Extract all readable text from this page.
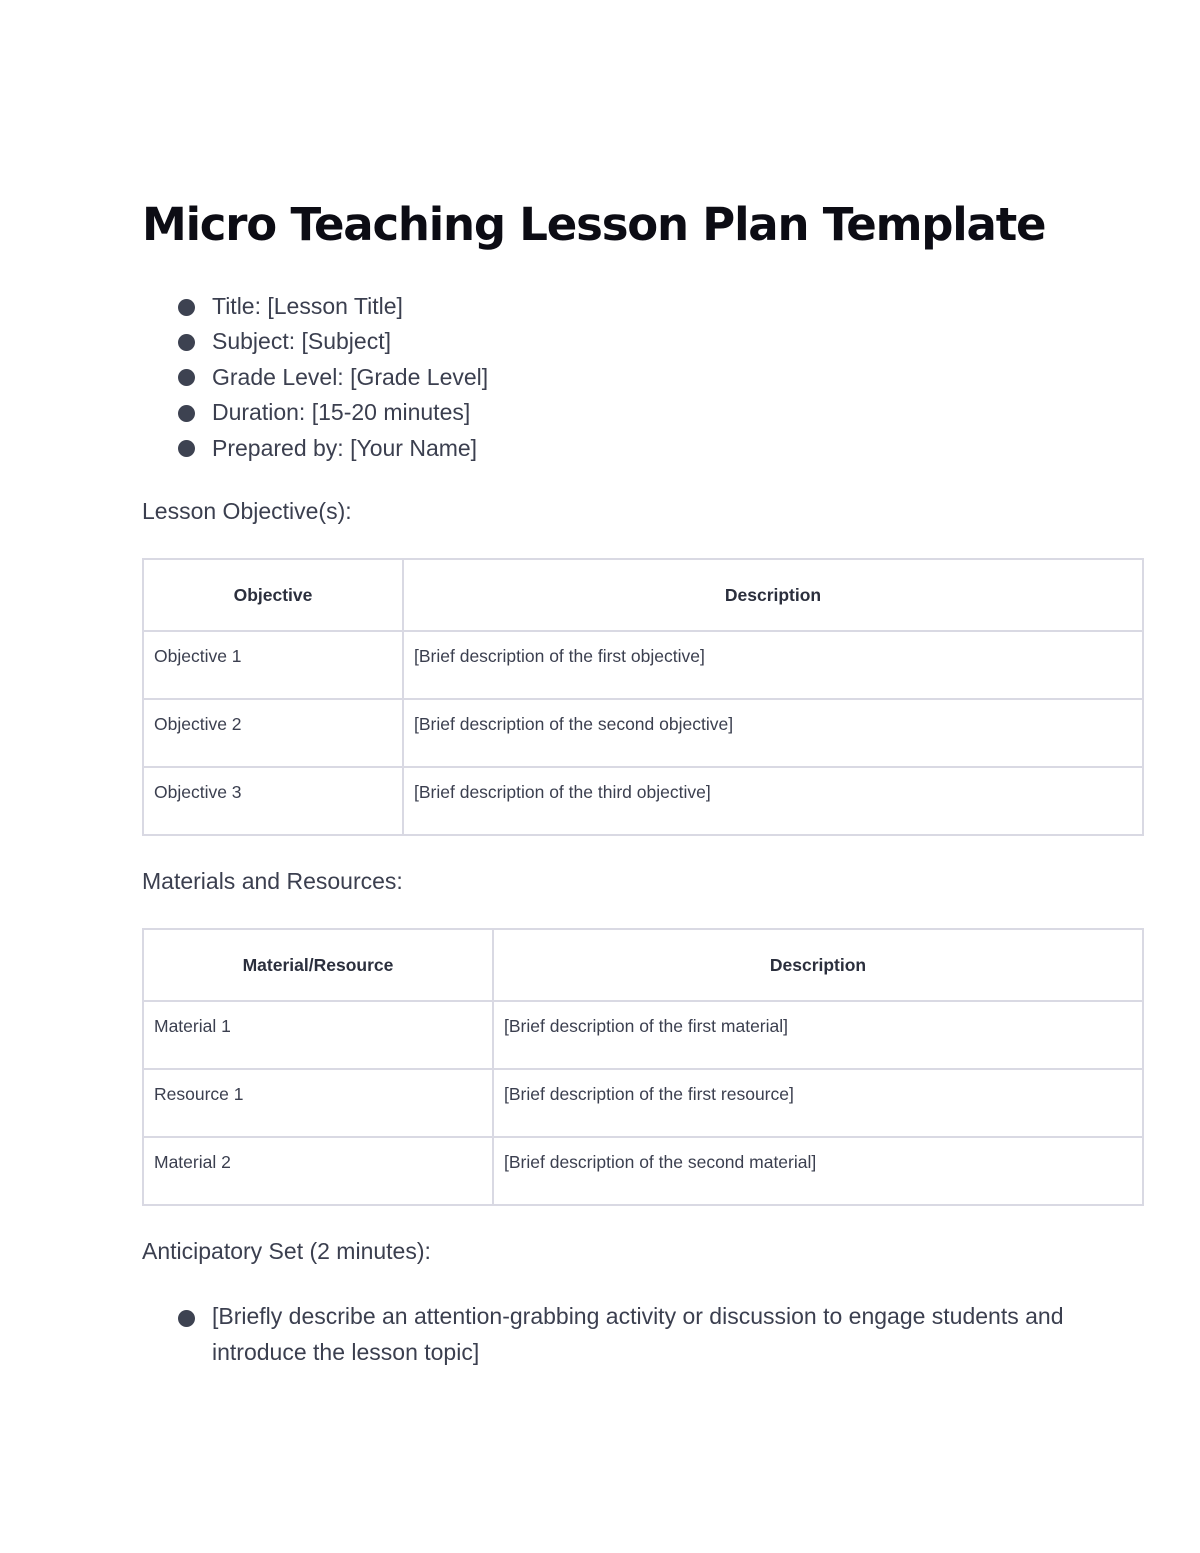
Micro Teaching Lesson Plan Template
Title: [Lesson Title]
Subject: [Subject]
Grade Level: [Grade Level]
Duration: [15-20 minutes]
Prepared by: [Your Name]
Lesson Objective(s):
Objective	Description
Objective 1	[Brief description of the first objective]
Objective 2	[Brief description of the second objective]
Objective 3	[Brief description of the third objective]
Materials and Resources:
Material/Resource	Description
Material 1	[Brief description of the first material]
Resource 1	[Brief description of the first resource]
Material 2	[Brief description of the second material]
Anticipatory Set (2 minutes):
[Briefly describe an attention-grabbing activity or discussion to engage students and introduce the lesson topic]
